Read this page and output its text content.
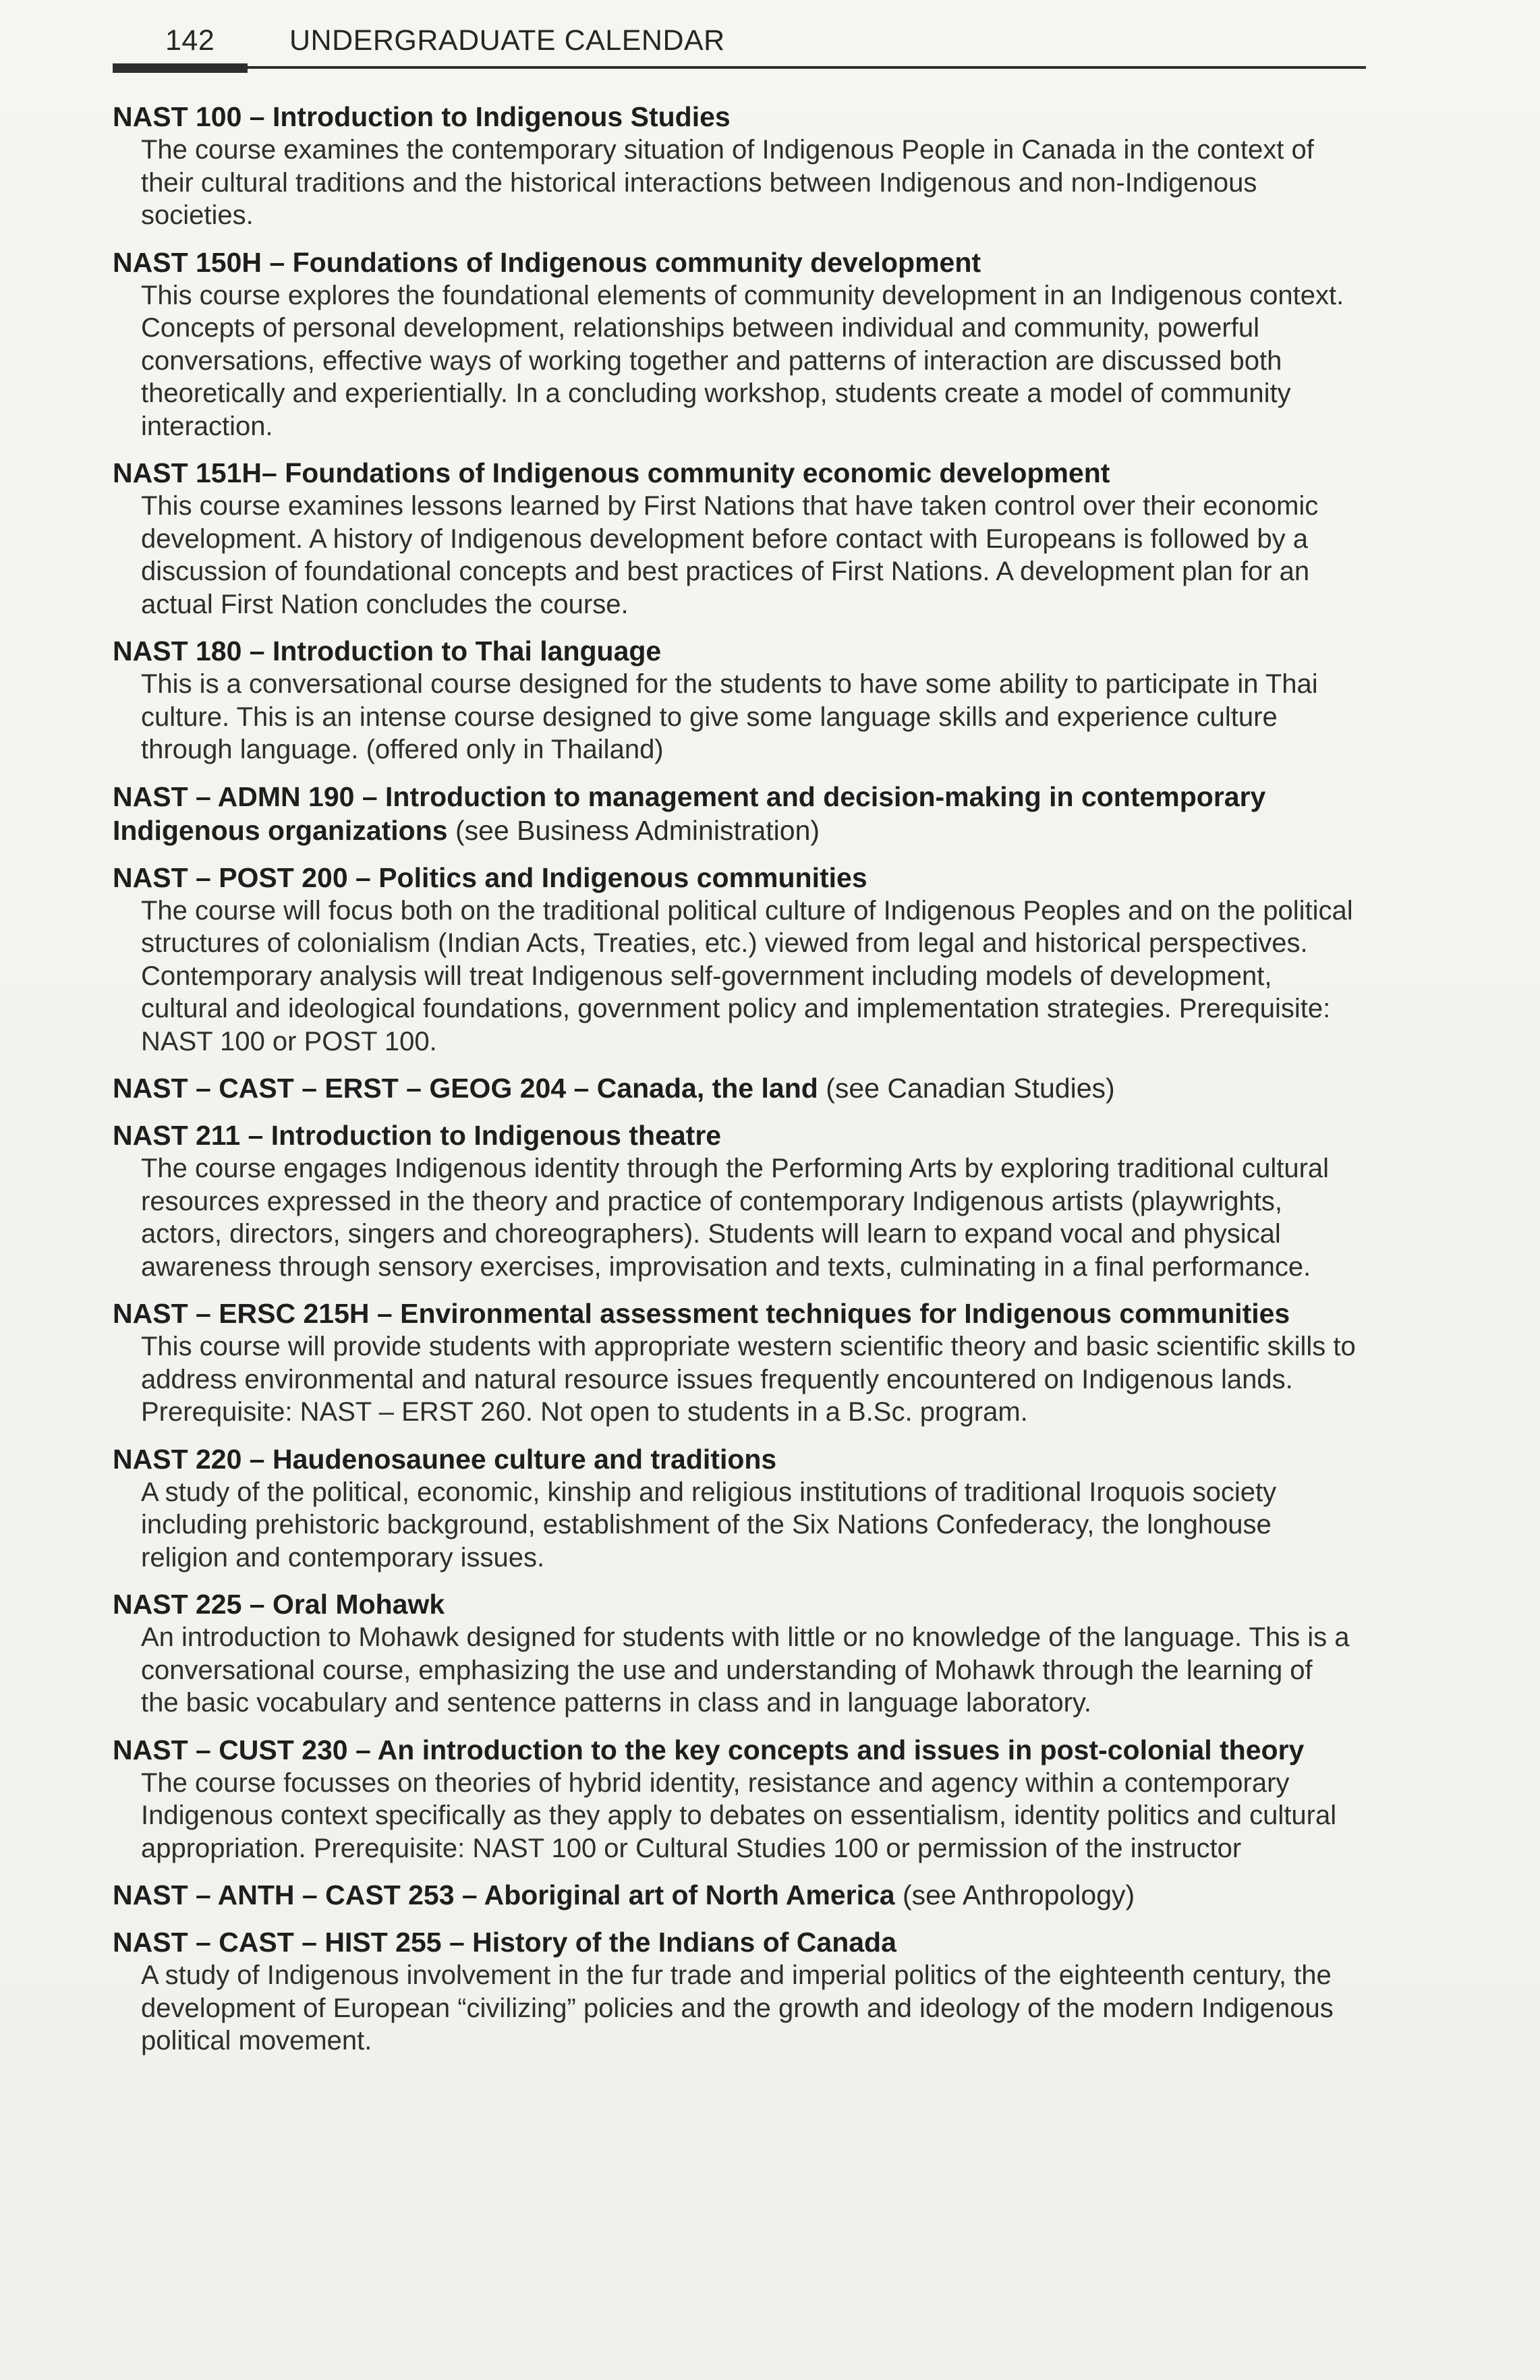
142	UNDERGRADUATE CALENDAR

NAST 100 – Introduction to Indigenous Studies

The course examines the contemporary situation of Indigenous People in Canada in the context of their cultural traditions and the historical interactions between Indigenous and non-Indigenous societies.

NAST 150H – Foundations of Indigenous community development

This course explores the foundational elements of community development in an Indigenous context. Concepts of personal development, relationships between individual and community, powerful conversations, effective ways of working together and patterns of interaction are discussed both theoretically and experientially. In a concluding workshop, students create a model of community interaction.

NAST 151H– Foundations of Indigenous community economic development

This course examines lessons learned by First Nations that have taken control over their economic development. A history of Indigenous development before contact with Europeans is followed by a discussion of foundational concepts and best practices of First Nations. A development plan for an actual First Nation concludes the course.

NAST 180 – Introduction to Thai language

This is a conversational course designed for the students to have some ability to participate in Thai culture. This is an intense course designed to give some language skills and experience culture through language. (offered only in Thailand)

NAST – ADMN 190 – Introduction to management and decision-making in contemporary Indigenous organizations (see Business Administration)

NAST – POST 200 – Politics and Indigenous communities

The course will focus both on the traditional political culture of Indigenous Peoples and on the political structures of colonialism (Indian Acts, Treaties, etc.) viewed from legal and historical perspectives. Contemporary analysis will treat Indigenous self-government including models of development, cultural and ideological foundations, government policy and implementation strategies. Prerequisite: NAST 100 or POST 100.

NAST – CAST – ERST – GEOG 204 – Canada, the land (see Canadian Studies)

NAST 211 – Introduction to Indigenous theatre

The course engages Indigenous identity through the Performing Arts by exploring traditional cultural resources expressed in the theory and practice of contemporary Indigenous artists (playwrights, actors, directors, singers and choreographers). Students will learn to expand vocal and physical awareness through sensory exercises, improvisation and texts, culminating in a final performance.

NAST – ERSC 215H – Environmental assessment techniques for Indigenous communities

This course will provide students with appropriate western scientific theory and basic scientific skills to address environmental and natural resource issues frequently encountered on Indigenous lands. Prerequisite: NAST – ERST 260. Not open to students in a B.Sc. program.

NAST 220 – Haudenosaunee culture and traditions

A study of the political, economic, kinship and religious institutions of traditional Iroquois society including prehistoric background, establishment of the Six Nations Confederacy, the longhouse religion and contemporary issues.

NAST 225 – Oral Mohawk

An introduction to Mohawk designed for students with little or no knowledge of the language. This is a conversational course, emphasizing the use and understanding of Mohawk through the learning of the basic vocabulary and sentence patterns in class and in language laboratory.

NAST – CUST 230 – An introduction to the key concepts and issues in post-colonial theory

The course focusses on theories of hybrid identity, resistance and agency within a contemporary Indigenous context specifically as they apply to debates on essentialism, identity politics and cultural appropriation. Prerequisite: NAST 100 or Cultural Studies 100 or permission of the instructor

NAST – ANTH – CAST 253 – Aboriginal art of North America (see Anthropology)

NAST – CAST – HIST 255 – History of the Indians of Canada

A study of Indigenous involvement in the fur trade and imperial politics of the eighteenth century, the development of European “civilizing” policies and the growth and ideology of the modern Indigenous political movement.
